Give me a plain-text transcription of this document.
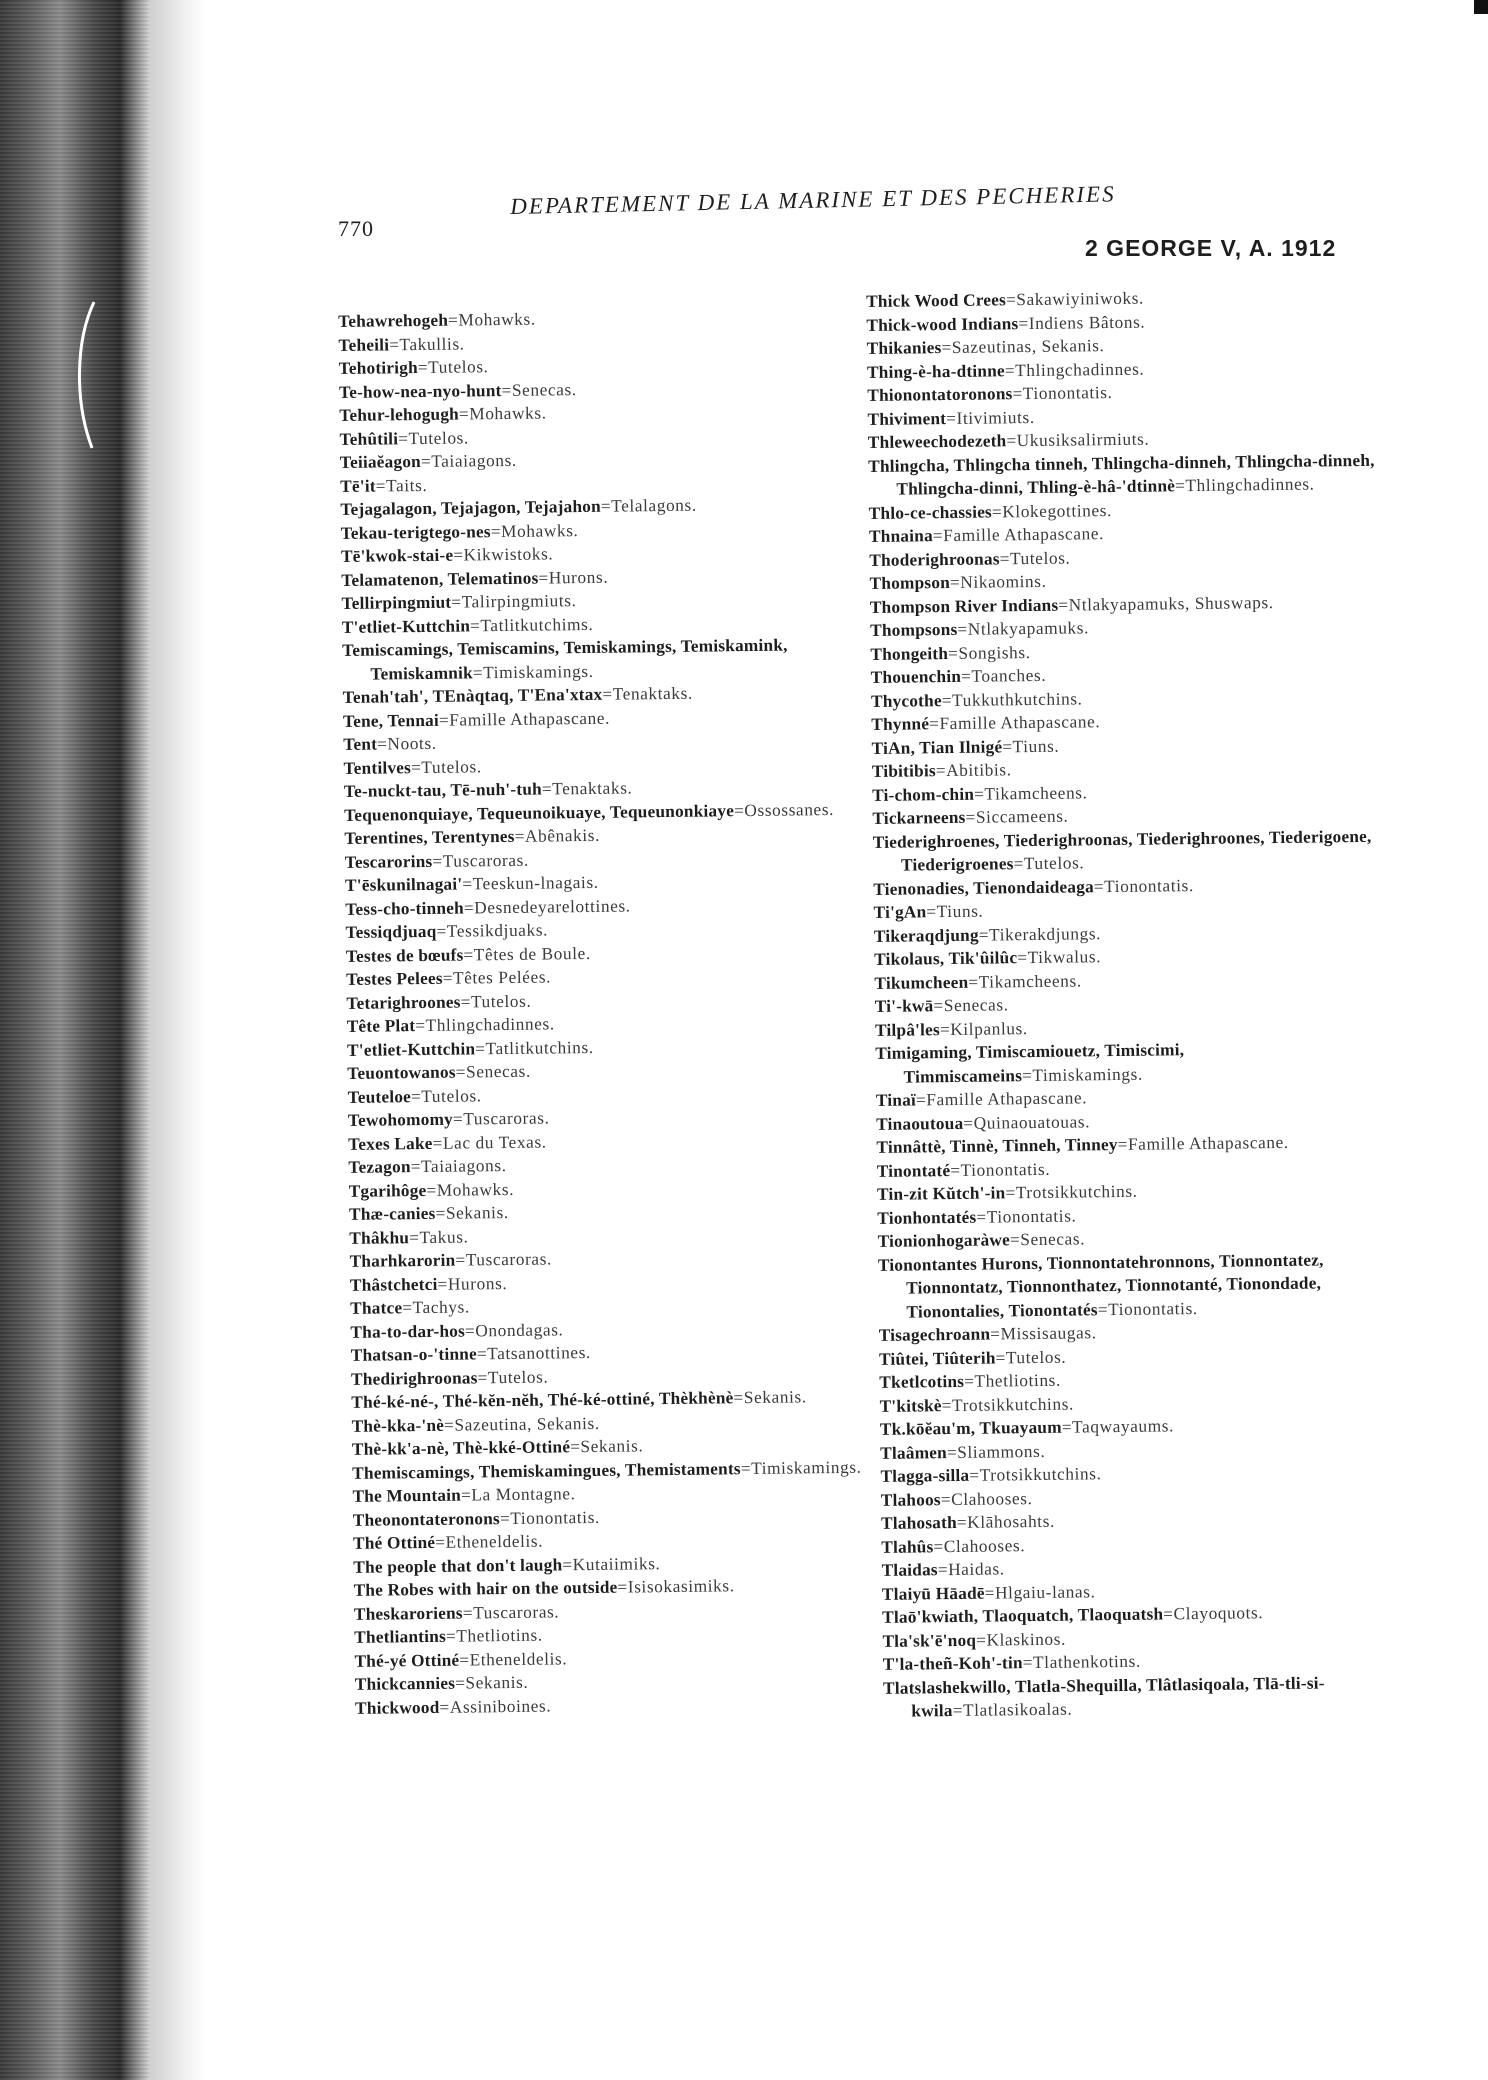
770
DEPARTEMENT DE LA MARINE ET DES PECHERIES
2 GEORGE V, A. 1912
Tehawrehogeh=Mohawks.
Teheili=Takullis.
Tehotirigh=Tutelos.
Te-how-nea-nyo-hunt=Senecas.
Tehur-lehogugh=Mohawks.
Tehûtili=Tutelos.
Teiiaĕagon=Taiaiagons.
Tē'it=Taits.
Tejagalagon, Tejajagon, Tejajahon=Telalagons.
Tekau-terigtego-nes=Mohawks.
Tē'kwok-stai-e=Kikwistoks.
Telamatenon, Telematinos=Hurons.
Tellirpingmiut=Talirpingmiuts.
T'etliet-Kuttchin=Tatlitkutchims.
Temiscamings, Temiscamins, Temiskamings, Temiskamink, Temiskamnik=Timiskamings.
Tenah'tah', TEnàqtaq, T'Ena'xtax=Tenaktaks.
Tene, Tennai=Famille Athapascane.
Tent=Noots.
Tentilves=Tutelos.
Te-nuckt-tau, Tē-nuh'-tuh=Tenaktaks.
Tequenonquiaye, Tequeunoikuaye, Tequeunonkiaye=Ossossanes.
Terentines, Terentynes=Abênakis.
Tescarorins=Tuscaroras.
T'ēskunilnagai'=Teeskun-lnagais.
Tess-cho-tinneh=Desnedeyarelottines.
Tessiqdjuaq=Tessikdjuaks.
Testes de bœufs=Têtes de Boule.
Testes Pelees=Têtes Pelées.
Tetarighroones=Tutelos.
Tête Plat=Thlingchadinnes.
T'etliet-Kuttchin=Tatlitkutchins.
Teuontowanos=Senecas.
Teuteloe=Tutelos.
Tewohomomy=Tuscaroras.
Texes Lake=Lac du Texas.
Tezagon=Taiaiagons.
Tgarihôge=Mohawks.
Thæ-canies=Sekanis.
Thâkhu=Takus.
Tharhkarorin=Tuscaroras.
Thâstchetci=Hurons.
Thatce=Tachys.
Tha-to-dar-hos=Onondagas.
Thatsan-o-'tinne=Tatsanottines.
Thedirighroonas=Tutelos.
Thé-ké-né-, Thé-kĕn-nĕh, Thé-ké-ottiné, Thèkhènè=Sekanis.
Thè-kka-'nè=Sazeutina, Sekanis.
Thè-kk'a-nè, Thè-kké-Ottiné=Sekanis.
Themiscamings, Themiskamingues, Themistaments=Timiskamings.
The Mountain=La Montagne.
Theonontateronons=Tionontatis.
Thé Ottiné=Etheneldelis.
The people that don't laugh=Kutaiimiks.
The Robes with hair on the outside=Isisokasimiks.
Theskaroriens=Tuscaroras.
Thetliantins=Thetliotins.
Thé-yé Ottiné=Etheneldelis.
Thickcannies=Sekanis.
Thickwood=Assiniboines.
Thick Wood Crees=Sakawiyiniwoks.
Thick-wood Indians=Indiens Bâtons.
Thikanies=Sazeutinas, Sekanis.
Thing-è-ha-dtinne=Thlingchadinnes.
Thionontatoronons=Tionontatis.
Thiviment=Itivimiuts.
Thleweechodezeth=Ukusiksalirmiuts.
Thlingcha, Thlingcha tinneh, Thlingcha-dinneh, Thlingcha-dinneh, Thlingcha-dinni, Thling-è-hâ-'dtinnè=Thlingchadinnes.
Thlo-ce-chassies=Klokegottines.
Thnaina=Famille Athapascane.
Thoderighroonas=Tutelos.
Thompson=Nikaomins.
Thompson River Indians=Ntlakyapamuks, Shuswaps.
Thompsons=Ntlakyapamuks.
Thongeith=Songishs.
Thouenchin=Toanches.
Thycothe=Tukkuthkutchins.
Thynné=Famille Athapascane.
TiAn, Tian Ilnigé=Tiuns.
Tibitibis=Abitibis.
Ti-chom-chin=Tikamcheens.
Tickarneens=Siccameens.
Tiederighroenes, Tiederighroonas, Tiederighroones, Tiederigoene, Tiederigroenes=Tutelos.
Tienonadies, Tienondaideaga=Tionontatis.
Ti'gAn=Tiuns.
Tikeraqdjung=Tikerakdjungs.
Tikolaus, Tik'ûilûc=Tikwalus.
Tikumcheen=Tikamcheens.
Ti'-kwā=Senecas.
Tilpâ'les=Kilpanlus.
Timigaming, Timiscamiouetz, Timiscimi, Timmiscameins=Timiskamings.
Tinaï=Famille Athapascane.
Tinaoutoua=Quinaouatouas.
Tinnâttè, Tinnè, Tinneh, Tinney=Famille Athapascane.
Tinontaté=Tionontatis.
Tin-zit Kŭtch'-in=Trotsikkutchins.
Tionhontatés=Tionontatis.
Tionionhogaràwe=Senecas.
Tionontantes Hurons, Tionnontatehronnons, Tionnontatez, Tionnontatz, Tionnonthatez, Tionnotanté, Tionondade, Tionontalies, Tionontatés=Tionontatis.
Tisagechroann=Missisaugas.
Tiûtei, Tiûterih=Tutelos.
Tketlcotins=Thetliotins.
T'kitskè=Trotsikkutchins.
Tk.kōĕau'm, Tkuayaum=Taqwayaums.
Tlaâmen=Sliammons.
Tlagga-silla=Trotsikkutchins.
Tlahoos=Clahooses.
Tlahosath=Klāhosahts.
Tlahûs=Clahooses.
Tlaidas=Haidas.
Tlaiyū Hāadē=Hlgaiu-lanas.
Tlaō'kwiath, Tlaoquatch, Tlaoquatsh=Clayoquots.
Tla'sk'ē'noq=Klaskinos.
T'la-theñ-Koh'-tin=Tlathenkotins.
Tlatslashekwillo, Tlatla-Shequilla, Tlâtlasiqoala, Tlā-tli-si-kwila=Tlatlasikoalas.
